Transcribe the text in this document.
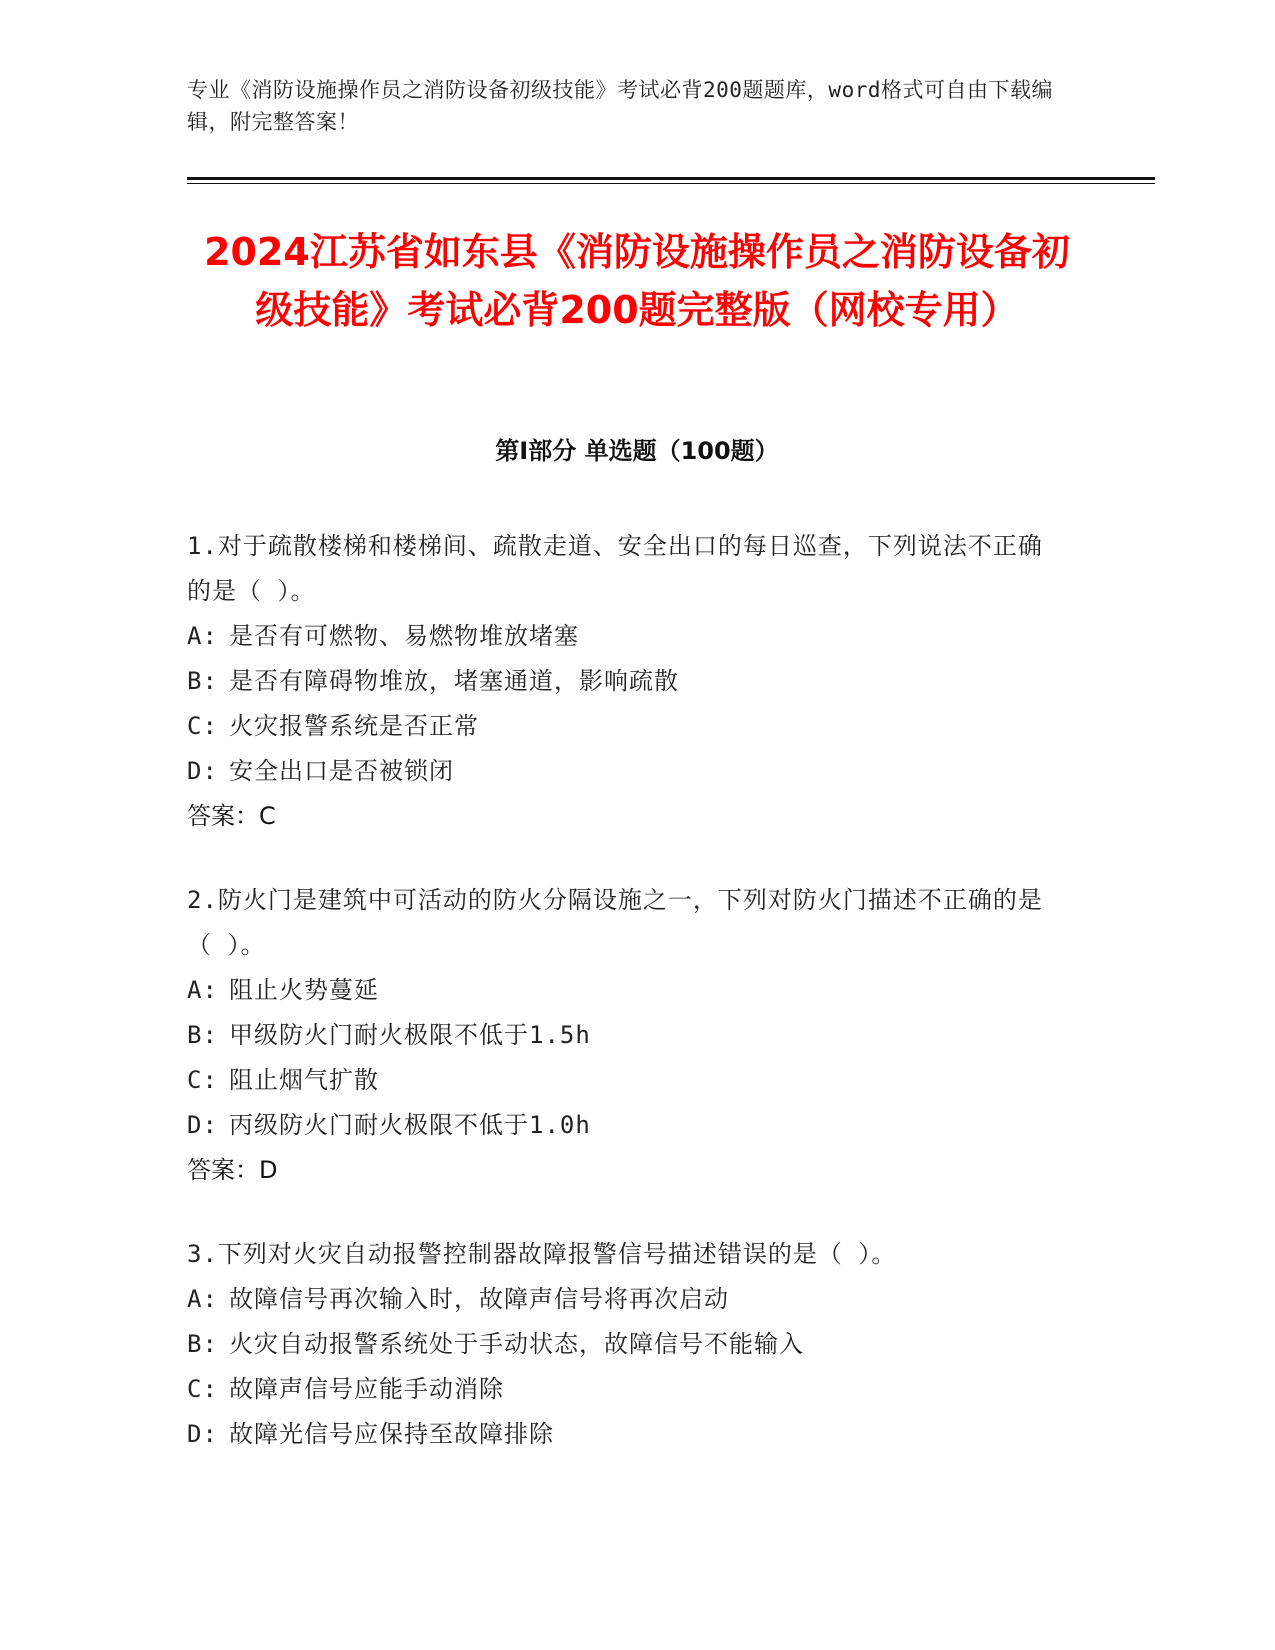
专业《消防设施操作员之消防设备初级技能》考试必背200题题库，word格式可自由下载编辑，附完整答案！
2024江苏省如东县《消防设施操作员之消防设备初级技能》考试必背200题完整版（网校专用）
第I部分 单选题（100题）

1.对于疏散楼梯和楼梯间、疏散走道、安全出口的每日巡查，下列说法不正确的是（ ）。

A: 是否有可燃物、易燃物堆放堵塞

B: 是否有障碍物堆放，堵塞通道，影响疏散

C: 火灾报警系统是否正常

D: 安全出口是否被锁闭

答案：C

2.防火门是建筑中可活动的防火分隔设施之一，下列对防火门描述不正确的是（ ）。

A: 阻止火势蔓延

B: 甲级防火门耐火极限不低于1.5h

C: 阻止烟气扩散

D: 丙级防火门耐火极限不低于1.0h

答案：D

3.下列对火灾自动报警控制器故障报警信号描述错误的是（ ）。

A: 故障信号再次输入时，故障声信号将再次启动

B: 火灾自动报警系统处于手动状态，故障信号不能输入

C: 故障声信号应能手动消除

D: 故障光信号应保持至故障排除
